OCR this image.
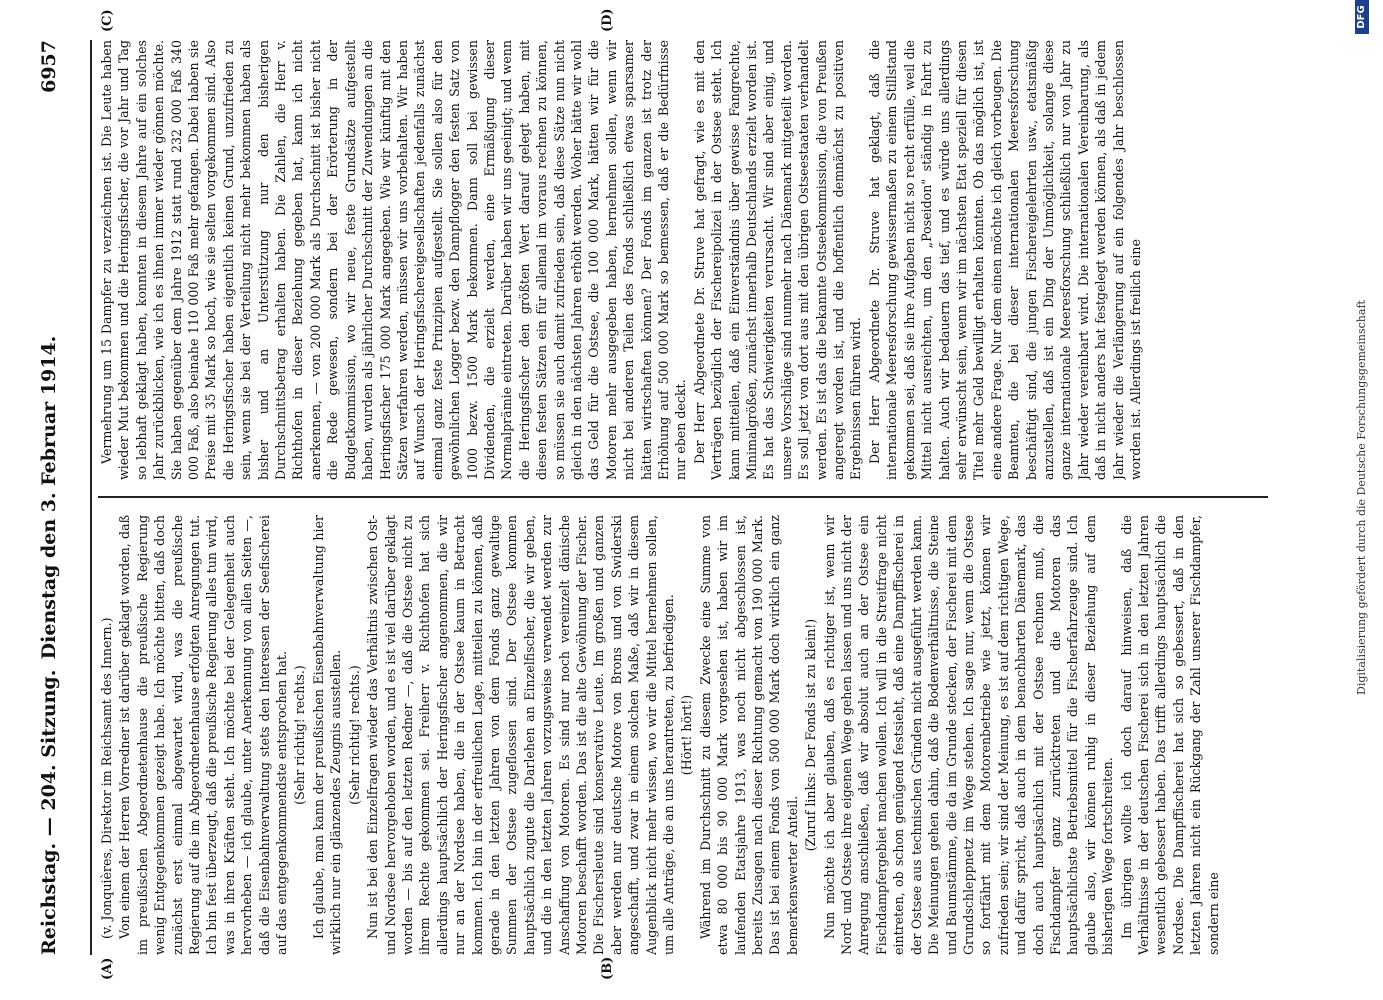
Reichstag. — 204. Sitzung.
Dienstag den 3. Februar 1914.
6957
(A)	(B)
(C)	(D)

(v. Jonquières, Direktor im Reichsamt des Innern.) Von einem der Herren Vorredner ist darüber geklagt worden, daß im preußischen Abgeordnetenhause die preußische Regierung wenig Entgegenkommen gezeigt habe. Ich möchte bitten, daß doch zunächst erst einmal abgewartet wird, was die preußische Regierung auf die im Abgeordnetenhause erfolgten Anregungen tut. Ich bin fest überzeugt, daß die preußische Regierung alles tun wird, was in ihren Kräften steht. Ich möchte bei der Gelegenheit auch hervorheben — ich glaube, unter Anerkennung von allen Seiten —, daß die Eisenbahnverwaltung stets den Interessen der Seefischerei auf das entgegenkommendste entsprochen hat. (Sehr richtig! rechts.) Ich glaube, man kann der preußischen Eisenbahnverwaltung hier wirklich nur ein glänzendes Zeugnis ausstellen. (Sehr richtig! rechts.) Nun ist bei den Einzelfragen wieder das Verhältnis zwischen Ost- und Nordsee hervorgehoben worden, und es ist viel darüber geklagt worden — bis auf den letzten Redner —, daß die Ostsee nicht zu ihrem Rechte gekommen sei. Freiherr v. Richthofen hat sich allerdings hauptsächlich der Heringsfischer angenommen, die wir nur an der Nordsee haben, die in der Ostsee kaum in Betracht kommen. Ich bin in der erfreulichen Lage, mitteilen zu können, daß gerade in den letzten Jahren von dem Fonds ganz gewaltige Summen der Ostsee zugeflossen sind. Der Ostsee kommen hauptsächlich zugute die Darlehen an Einzelfischer, die wir geben, und die in den letzten Jahren vorzugsweise verwendet werden zur Anschaffung von Motoren. Es sind nur noch vereinzelt dänische Motoren beschafft worden. Das ist die alte Gewöhnung der Fischer. Die Fischersleute sind konservative Leute. Im großen und ganzen aber werden nur deutsche Motore von Brons und von Swiderski angeschafft, und zwar in einem solchen Maße, daß wir in diesem Augenblick nicht mehr wissen, wo wir die Mittel hernehmen sollen, um alle Anträge, die an uns herantreten, zu befriedigen. (Hört! hört!) Während im Durchschnitt zu diesem Zwecke eine Summe von etwa 80 000 bis 90 000 Mark vorgesehen ist, haben wir im laufenden Etatsjahre 1913, was noch nicht abgeschlossen ist, bereits Zusagen nach dieser Richtung gemacht von 190 000 Mark. Das ist bei einem Fonds von 500 000 Mark doch wirklich ein ganz bemerkenswerter Anteil.

(Zuruf links: Der Fonds ist zu klein!) Nun möchte ich aber glauben, daß es richtiger ist, wenn wir Nord- und Ostsee ihre eigenen Wege gehen lassen und uns nicht der Anregung anschließen, daß wir absolut auch an der Ostsee ein Fischdampfergebiet machen wollen. Ich will in die Streitfrage nicht eintreten, ob schon genügend festsieht, daß eine Dampffischerei in der Ostsee aus technischen Gründen nicht ausgeführt werden kann. Die Meinungen gehen dahin, daß die Bodenverhältnisse, die Steine und Baumstämme, die da im Grunde stecken, der Fischerei mit dem Grundschleppnetz im Wege stehen. Ich sage nur, wenn die Ostsee so fortfährt mit dem Motorenbetriebe wie jetzt, können wir zufrieden sein; wir sind der Meinung, es ist auf dem richtigen Wege, und dafür spricht, daß auch in dem benachbarten Dänemark, das doch auch hauptsächlich mit der Ostsee rechnen muß, die Fischdampfer ganz zurücktreten und die Motoren das hauptsächlichste Betriebsmittel für die Fischerfahrzeuge sind. Ich glaube also, wir können ruhig in dieser Beziehung auf dem bisherigen Wege fortschreiten. Im übrigen wollte ich doch darauf hinweisen, daß die Verhältnisse in der deutschen Fischerei sich in den letzten Jahren wesentlich gebessert haben. Das trifft allerdings hauptsächlich die Nordsee. Die Dampffischerei hat sich so gebessert, daß in den letzten Jahren nicht ein Rückgang der Zahl unserer Fischdampfer, sondern eine

Vermehrung um 15 Dampfer zu verzeichnen ist. Die Leute haben wieder Mut bekommen und die Heringsfischer, die vor Jahr und Tag so lebhaft geklagt haben, konnten in diesem Jahre auf ein solches Jahr zurückblicken, wie ich es ihnen immer wieder gönnen möchte. Sie haben gegenüber dem Jahre 1912 statt rund 232 000 Faß 340 000 Faß, also beinahe 110 000 Faß mehr gefangen. Dabei haben sie Preise mit 35 Mark so hoch, wie sie selten vorgekommen sind. Also die Heringsfischer haben eigentlich keinen Grund, unzufrieden zu sein, wenn sie bei der Verteilung nicht mehr bekommen haben als bisher und an Unterstützung nur den bisherigen Durchschnittsbetrag erhalten haben. Die Zahlen, die Herr v. Richthofen in dieser Beziehung gegeben hat, kann ich nicht anerkennen, — von 200 000 Mark als Durchschnitt ist bisher nicht die Rede gewesen, sondern bei der Erörterung in der Budgetkommission, wo wir neue, feste Grundsätze aufgestellt haben, wurden als jährlicher Durchschnitt der Zuwendungen an die Heringsfischer 175 000 Mark angegeben. Wie wir künftig mit den Sätzen verfahren werden, müssen wir uns vorbehalten. Wir haben auf Wunsch der Heringsfischereigesellschaften jedenfalls zunächst einmal ganz feste Prinzipien aufgestellt. Sie sollen also für den gewöhnlichen Logger bezw. den Dampflogger den festen Satz von 1000 bezw. 1500 Mark bekommen. Dann soll bei gewissen Dividenden, die erzielt werden, eine Ermäßigung dieser Normalprämie eintreten. Darüber haben wir uns geeinigt; und wenn die Heringsfischer den größten Wert darauf gelegt haben, mit diesen festen Sätzen ein für allemal im voraus rechnen zu können, so müssen sie auch damit zufrieden sein, daß diese Sätze nun nicht gleich in den nächsten Jahren erhöht werden. Woher hätte wir wohl das Geld für die Ostsee, die 100 000 Mark, hätten wir für die Motoren mehr ausgegeben haben, hernehmen sollen, wenn wir nicht bei anderen Teilen des Fonds schließlich etwas sparsamer hätten wirtschaften können? Der Fonds im ganzen ist trotz der Erhöhung auf 500 000 Mark so bemessen, daß er die Bedürfnisse nur eben deckt. Der Herr Abgeordnete Dr. Struve hat gefragt, wie es mit den Verträgen bezüglich der Fischereipolizei in der Ostsee steht. Ich kann mitteilen, daß ein Einverständnis über gewisse Fangrechte, Minimalgrößen, zunächst innerhalb Deutschlands erzielt worden ist. Es hat das Schwierigkeiten verursacht. Wir sind aber einig, und unsere Vorschläge sind nunmehr nach Dänemark mitgeteilt worden. Es soll jetzt von dort aus mit den übrigen Ostseestaaten verhandelt werden. Es ist das die bekannte Ostseekommission, die von Preußen angeregt worden ist, und die hoffentlich demnächst zu positiven Ergebnissen führen wird. Der Herr Abgeordnete Dr. Struve hat geklagt, daß die internationale Meeresforschung gewissermaßen zu einem Stillstand gekommen sei, daß sie ihre Aufgaben nicht so recht erfülle, weil die Mittel nicht ausreichten, um den „Poseidon" ständig in Fahrt zu halten. Auch wir bedauern das tief, und es würde uns allerdings sehr erwünscht sein, wenn wir im nächsten Etat speziell für diesen Titel mehr Geld bewilligt erhalten könnten. Ob das möglich ist, ist eine andere Frage. Nur dem einen möchte ich gleich vorbeugen. Die Beamten, die bei dieser internationalen Meeresforschung beschäftigt sind, die jungen Fischereigelehrten usw., etatsmäßig anzustellen, daß ist ein Ding der Unmöglichkeit, solange diese ganze internationale Meeresforschung schließlich nur von Jahr zu Jahr wieder vereinbart wird. Die internationalen Vereinbarung, als daß in nicht anders hat festgelegt werden können, als daß in jedem Jahr wieder die Verlängerung auf ein folgendes Jahr beschlossen worden ist. Allerdings ist freilich eine	Digitalisierung gefördert durch die Deutsche Forschungsgemeinschaft
DFG
